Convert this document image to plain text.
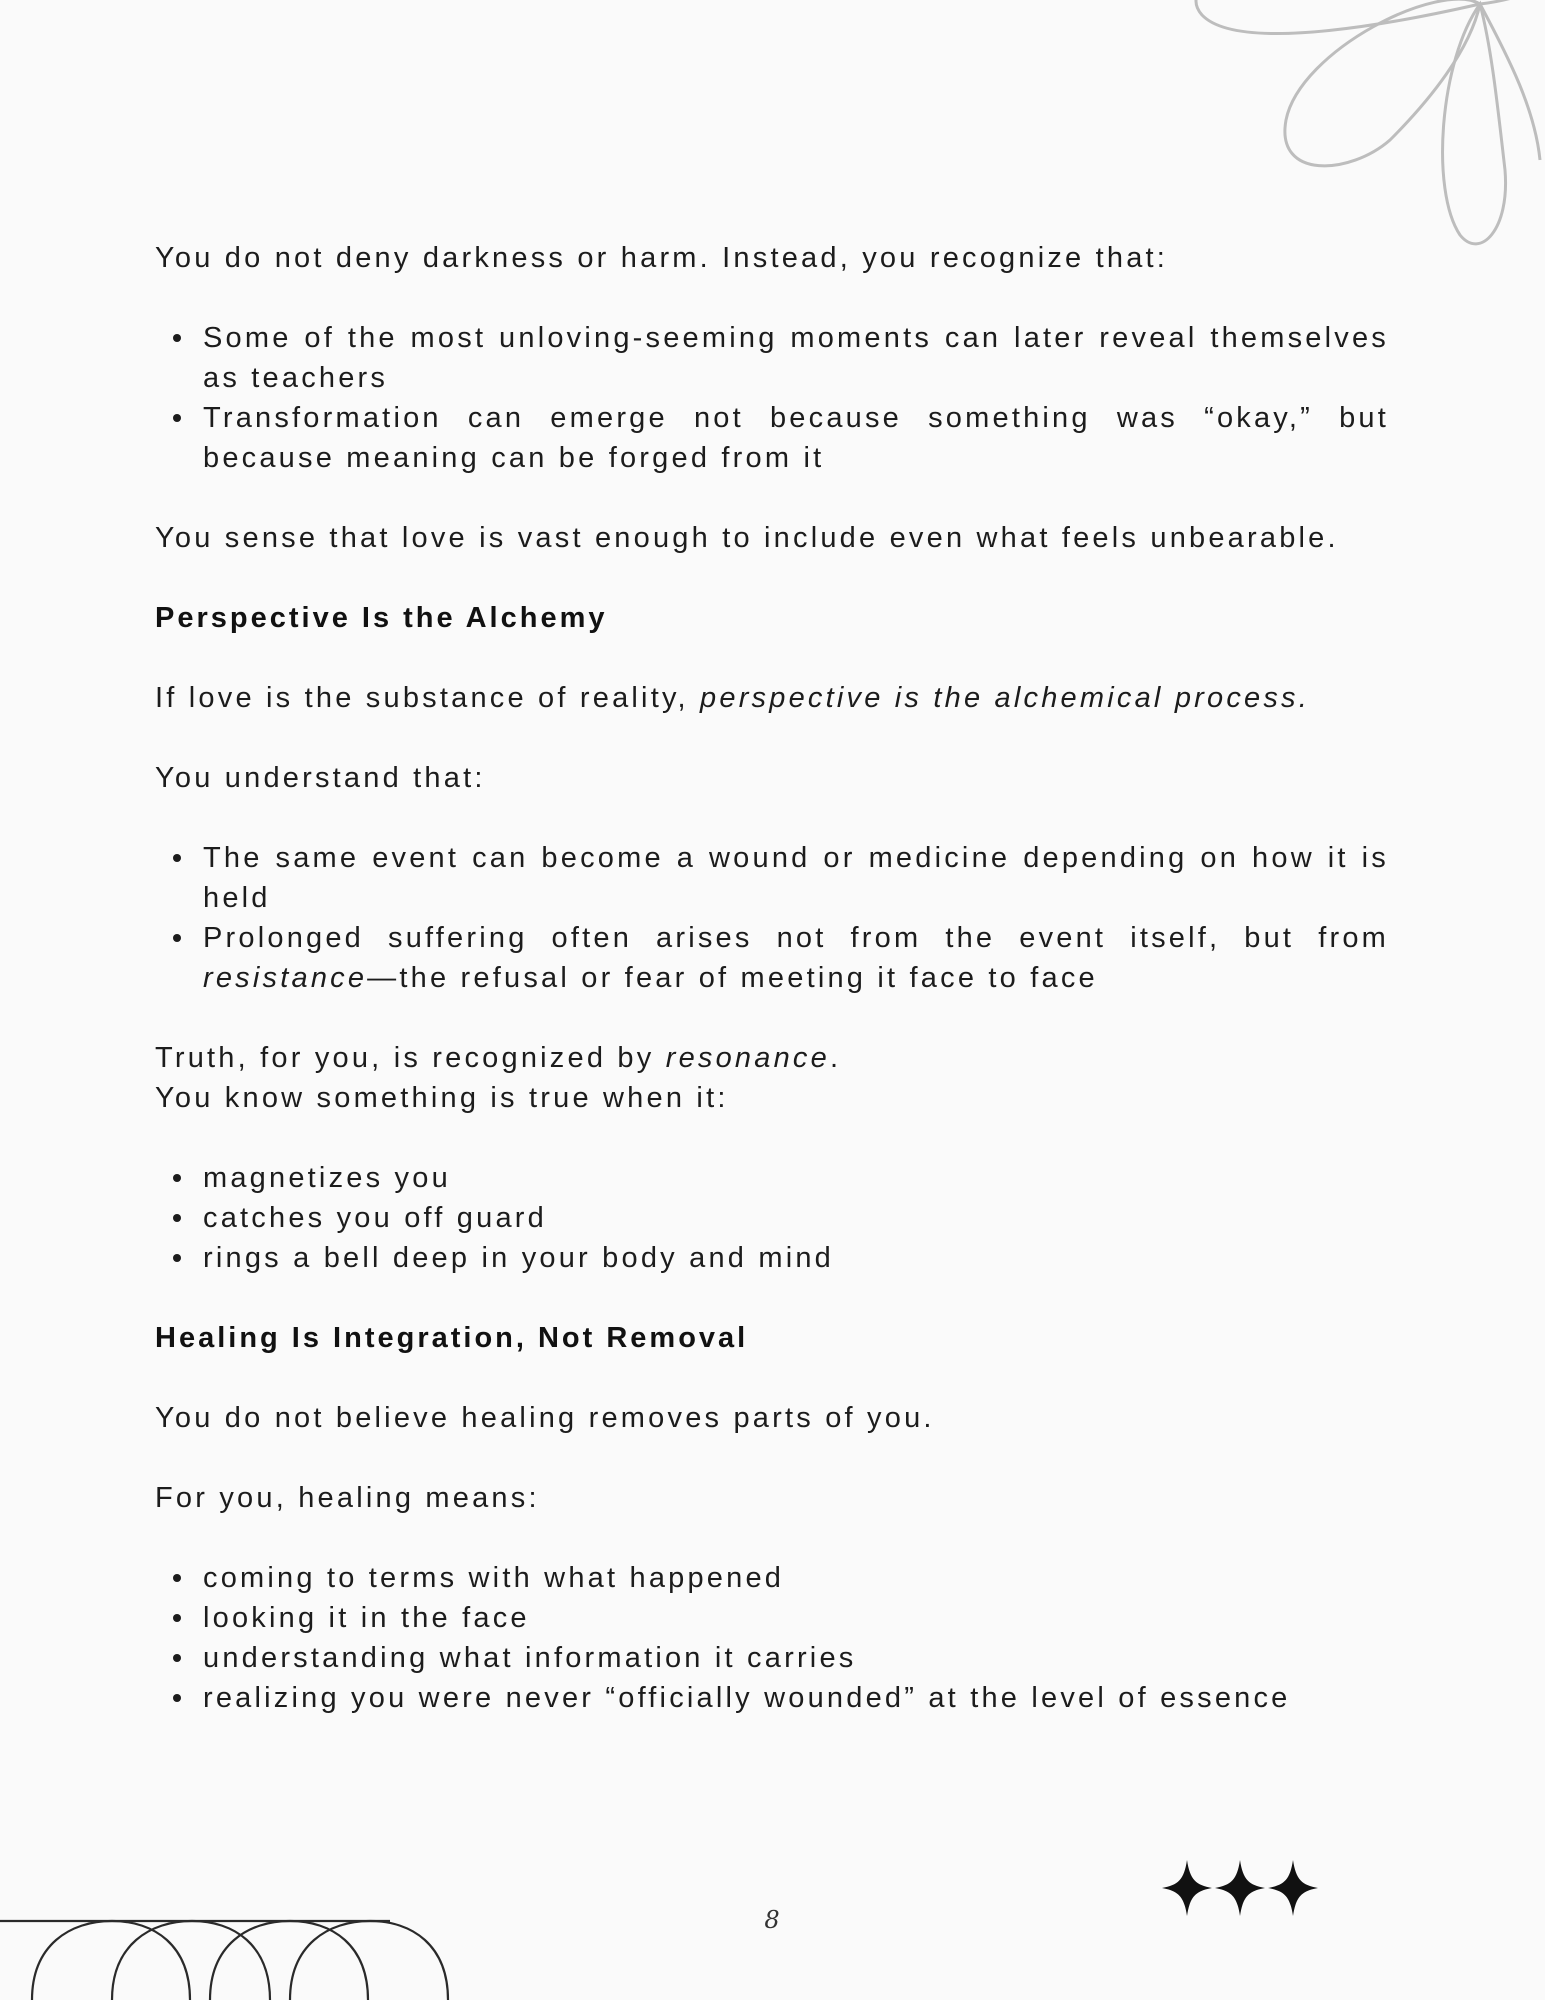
You do not deny darkness or harm. Instead, you recognize that:

Some of the most unloving-seeming moments can later reveal themselves as teachers
Transformation can emerge not because something was “okay,” but because meaning can be forged from it

You sense that love is vast enough to include even what feels unbearable.

Perspective Is the Alchemy

If love is the substance of reality, perspective is the alchemical process.

You understand that:

The same event can become a wound or medicine depending on how it is held
Prolonged suffering often arises not from the event itself, but from resistance—the refusal or fear of meeting it face to face

Truth, for you, is recognized by resonance.

You know something is true when it:

magnetizes you
catches you off guard
rings a bell deep in your body and mind
Healing Is Integration, Not Removal

You do not believe healing removes parts of you.

For you, healing means:

coming to terms with what happened
looking it in the face
understanding what information it carries
realizing you were never “officially wounded” at the level of essence
8
